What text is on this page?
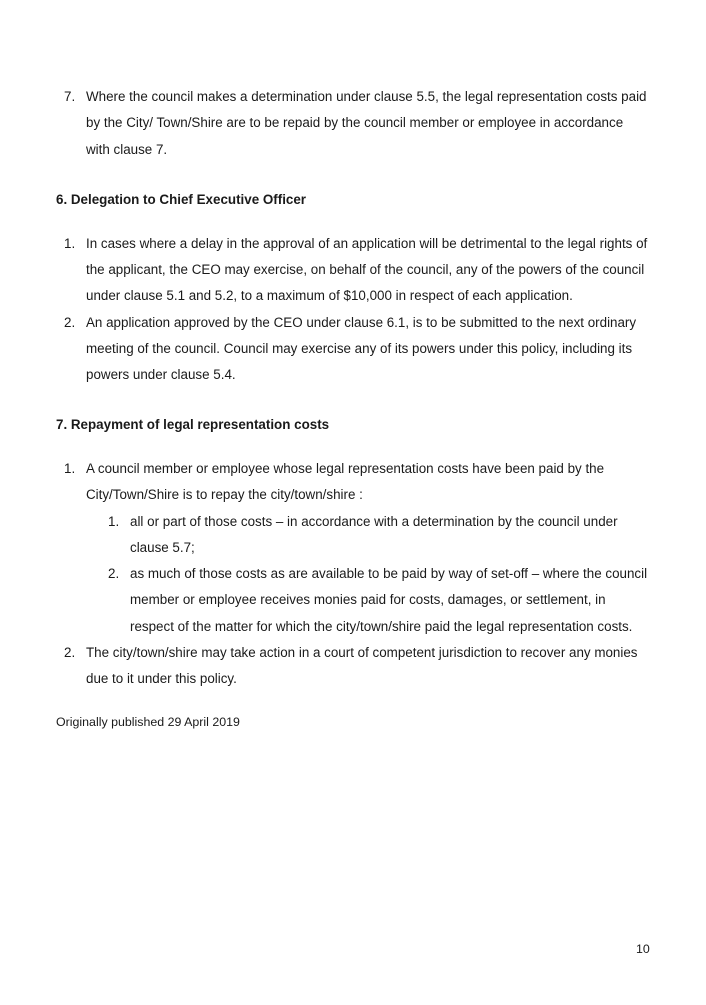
7. Where the council makes a determination under clause 5.5, the legal representation costs paid
by the City/ Town/Shire are to be repaid by the council member or employee in accordance
with clause 7.
6. Delegation to Chief Executive Officer
1. In cases where a delay in the approval of an application will be detrimental to the legal rights of
the applicant, the CEO may exercise, on behalf of the council, any of the powers of the council
under clause 5.1 and 5.2, to a maximum of $10,000 in respect of each application.
2. An application approved by the CEO under clause 6.1, is to be submitted to the next ordinary
meeting of the council. Council may exercise any of its powers under this policy, including its
powers under clause 5.4.
7. Repayment of legal representation costs
1. A council member or employee whose legal representation costs have been paid by the
City/Town/Shire is to repay the city/town/shire :
1. all or part of those costs – in accordance with a determination by the council under
clause 5.7;
2. as much of those costs as are available to be paid by way of set-off – where the council
member or employee receives monies paid for costs, damages, or settlement, in
respect of the matter for which the city/town/shire paid the legal representation costs.
2. The city/town/shire may take action in a court of competent jurisdiction to recover any monies
due to it under this policy.
Originally published 29 April 2019
10
